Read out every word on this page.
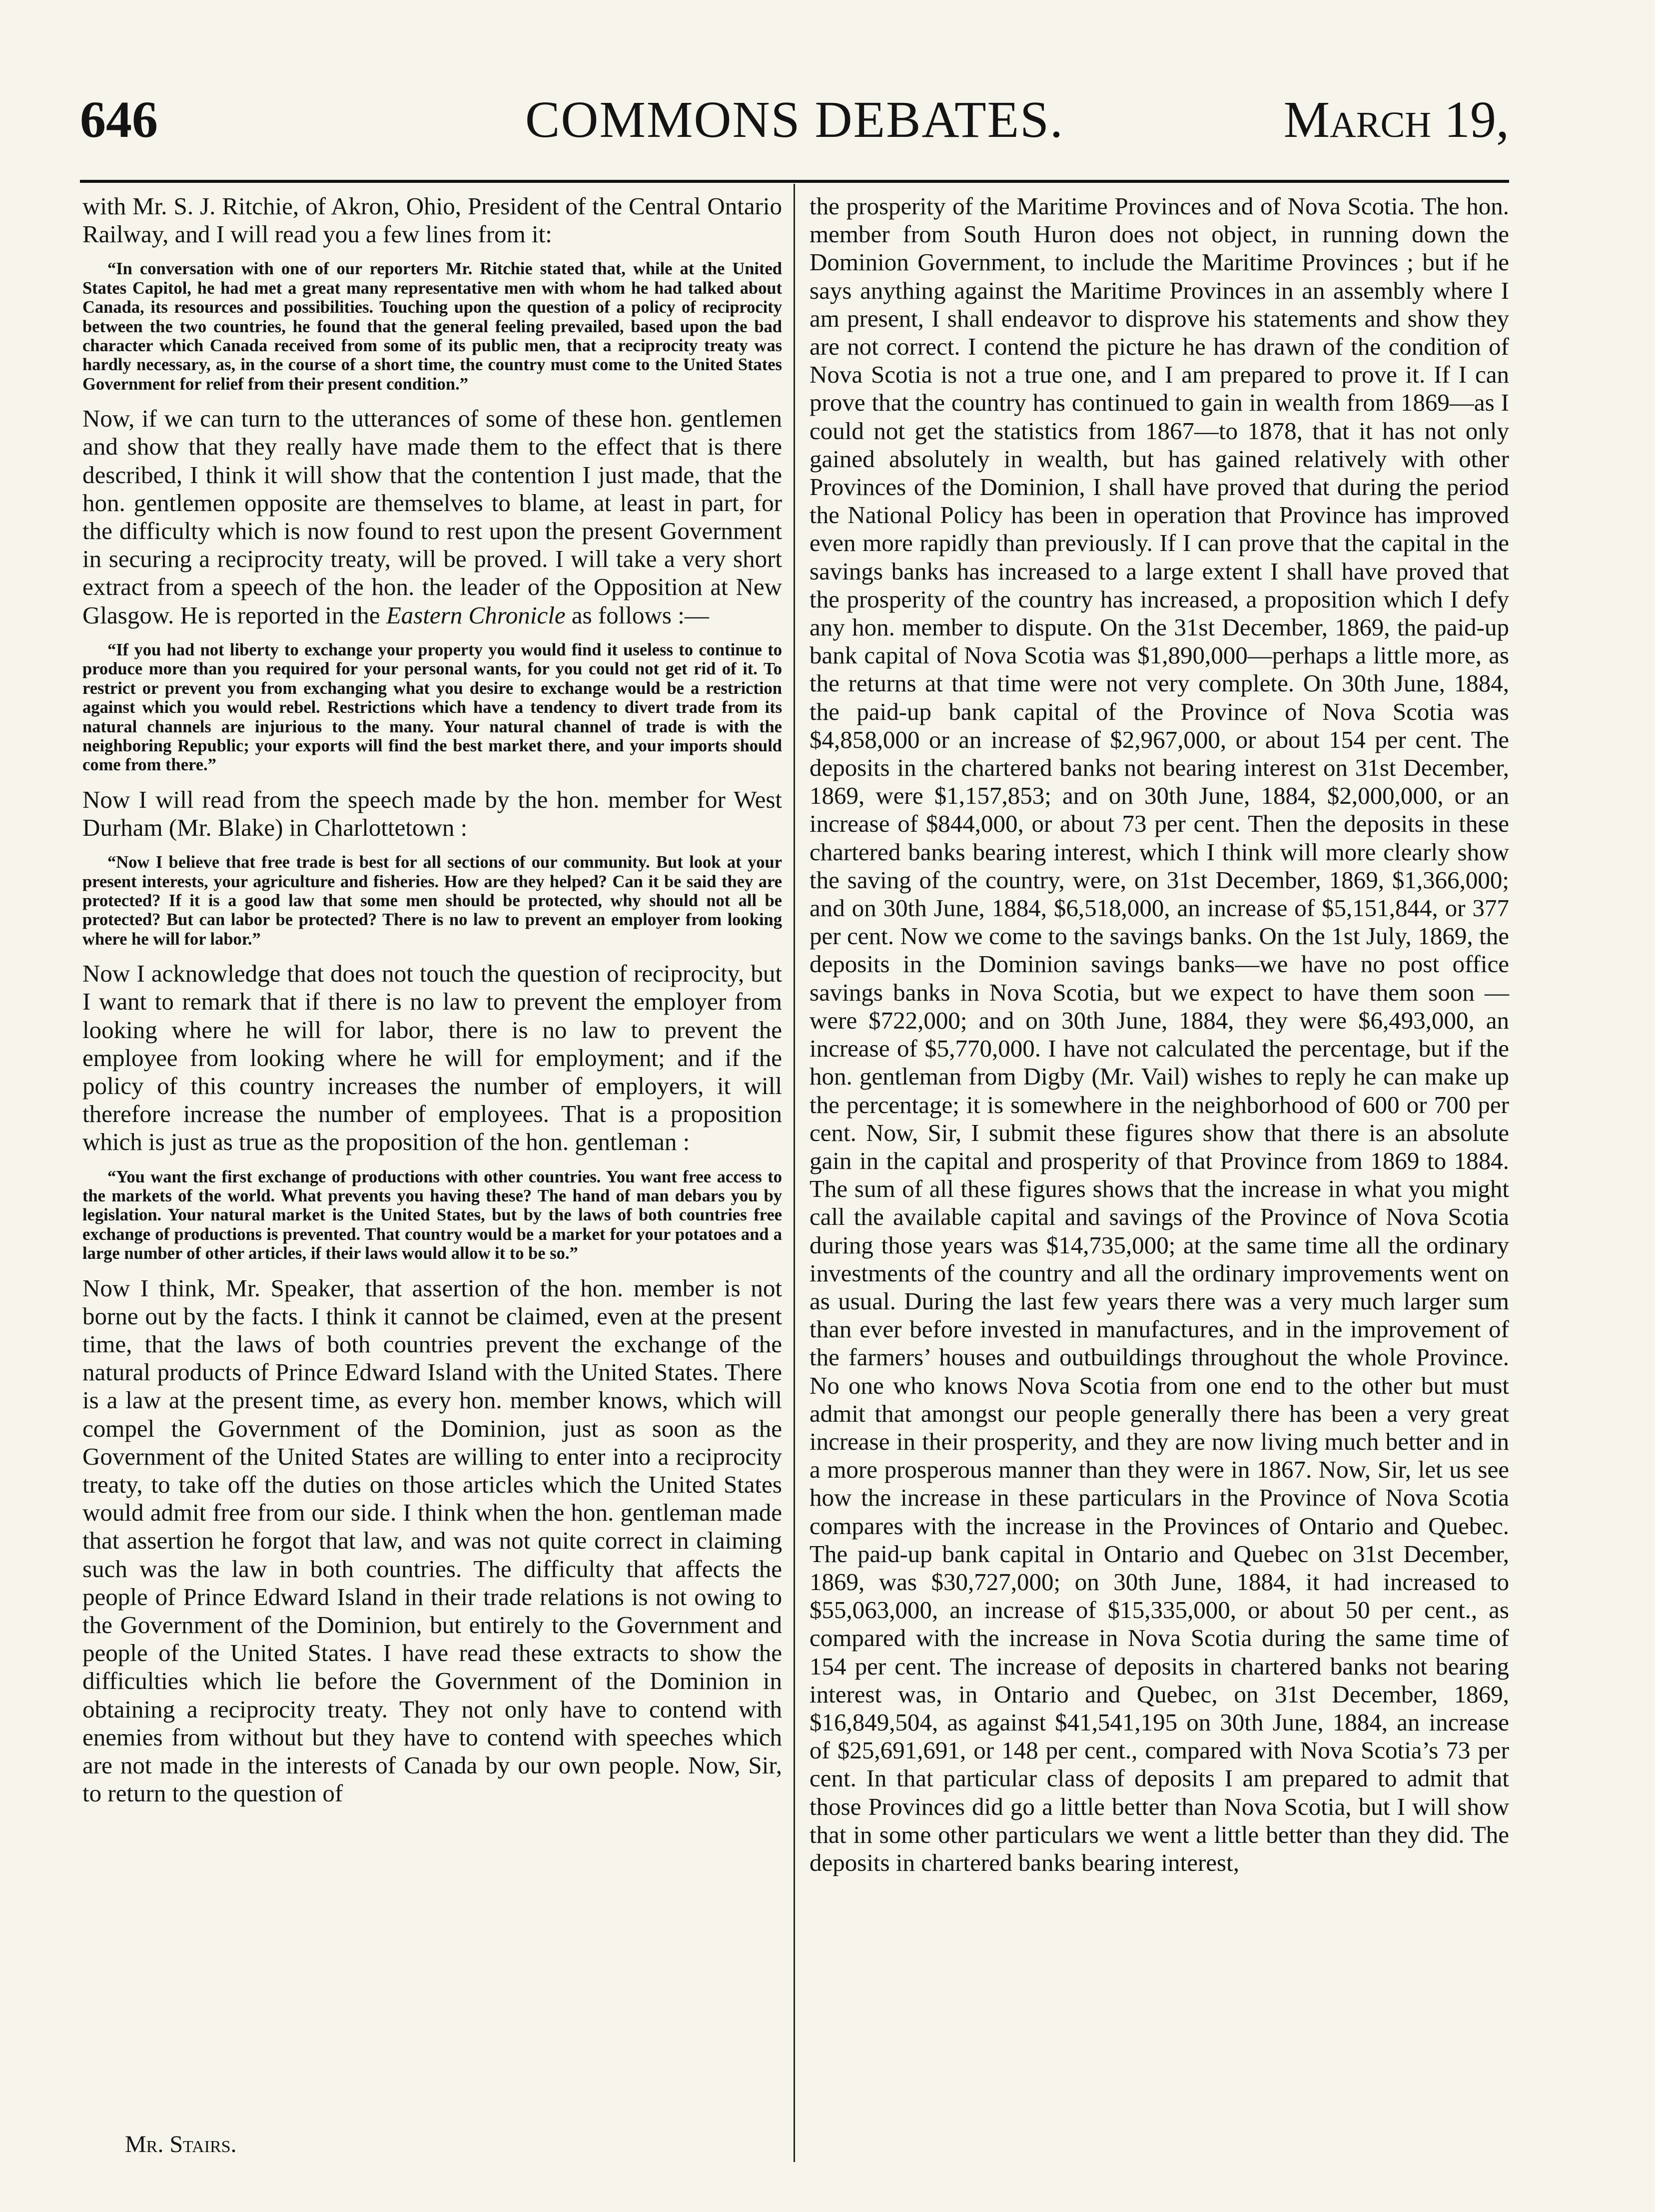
646	COMMONS DEBATES.	March 19,

with Mr. S. J. Ritchie, of Akron, Ohio, President of the Central Ontario Railway, and I will read you a few lines from it:

“In conversation with one of our reporters Mr. Ritchie stated that, while at the United States Capitol, he had met a great many representative men with whom he had talked about Canada, its resources and possibilities. Touching upon the question of a policy of reciprocity between the two countries, he found that the general feeling prevailed, based upon the bad character which Canada received from some of its public men, that a reciprocity treaty was hardly necessary, as, in the course of a short time, the country must come to the United States Government for relief from their present condition.”

Now, if we can turn to the utterances of some of these hon. gentlemen and show that they really have made them to the effect that is there described, I think it will show that the contention I just made, that the hon. gentlemen opposite are themselves to blame, at least in part, for the difficulty which is now found to rest upon the present Government in securing a reciprocity treaty, will be proved. I will take a very short extract from a speech of the hon. the leader of the Opposition at New Glasgow. He is reported in the Eastern Chronicle as follows :—

“If you had not liberty to exchange your property you would find it useless to continue to produce more than you required for your personal wants, for you could not get rid of it. To restrict or prevent you from exchanging what you desire to exchange would be a restriction against which you would rebel. Restrictions which have a tendency to divert trade from its natural channels are injurious to the many. Your natural channel of trade is with the neighboring Republic; your exports will find the best market there, and your imports should come from there.”

Now I will read from the speech made by the hon. member for West Durham (Mr. Blake) in Charlottetown :

“Now I believe that free trade is best for all sections of our community. But look at your present interests, your agriculture and fisheries. How are they helped? Can it be said they are protected? If it is a good law that some men should be protected, why should not all be protected? But can labor be protected? There is no law to prevent an employer from looking where he will for labor.”

Now I acknowledge that does not touch the question of reciprocity, but I want to remark that if there is no law to prevent the employer from looking where he will for labor, there is no law to prevent the employee from looking where he will for employment; and if the policy of this country increases the number of employers, it will therefore increase the number of employees. That is a proposition which is just as true as the proposition of the hon. gentleman :

“You want the first exchange of productions with other countries. You want free access to the markets of the world. What prevents you having these? The hand of man debars you by legislation. Your natural market is the United States, but by the laws of both countries free exchange of productions is prevented. That country would be a market for your potatoes and a large number of other articles, if their laws would allow it to be so.”

Now I think, Mr. Speaker, that assertion of the hon. member is not borne out by the facts. I think it cannot be claimed, even at the present time, that the laws of both countries prevent the exchange of the natural products of Prince Edward Island with the United States. There is a law at the present time, as every hon. member knows, which will compel the Government of the Dominion, just as soon as the Government of the United States are willing to enter into a reciprocity treaty, to take off the duties on those articles which the United States would admit free from our side. I think when the hon. gentleman made that assertion he forgot that law, and was not quite correct in claiming such was the law in both countries. The difficulty that affects the people of Prince Edward Island in their trade relations is not owing to the Government of the Dominion, but entirely to the Government and people of the United States. I have read these extracts to show the difficulties which lie before the Government of the Dominion in obtaining a reciprocity treaty. They not only have to contend with enemies from without but they have to contend with speeches which are not made in the interests of Canada by our own people. Now, Sir, to return to the question of

the prosperity of the Maritime Provinces and of Nova Scotia. The hon. member from South Huron does not object, in running down the Dominion Government, to include the Maritime Provinces ; but if he says anything against the Maritime Provinces in an assembly where I am present, I shall endeavor to disprove his statements and show they are not correct. I contend the picture he has drawn of the condition of Nova Scotia is not a true one, and I am prepared to prove it. If I can prove that the country has continued to gain in wealth from 1869—as I could not get the statistics from 1867—to 1878, that it has not only gained absolutely in wealth, but has gained relatively with other Provinces of the Dominion, I shall have proved that during the period the National Policy has been in operation that Province has improved even more rapidly than previously. If I can prove that the capital in the savings banks has increased to a large extent I shall have proved that the prosperity of the country has increased, a proposition which I defy any hon. member to dispute. On the 31st December, 1869, the paid-up bank capital of Nova Scotia was $1,890,000—perhaps a little more, as the returns at that time were not very complete. On 30th June, 1884, the paid-up bank capital of the Province of Nova Scotia was $4,858,000 or an increase of $2,967,000, or about 154 per cent. The deposits in the chartered banks not bearing interest on 31st December, 1869, were $1,157,853; and on 30th June, 1884, $2,000,000, or an increase of $844,000, or about 73 per cent. Then the deposits in these chartered banks bearing interest, which I think will more clearly show the saving of the country, were, on 31st December, 1869, $1,366,000; and on 30th June, 1884, $6,518,000, an increase of $5,151,844, or 377 per cent. Now we come to the savings banks. On the 1st July, 1869, the deposits in the Dominion savings banks—we have no post office savings banks in Nova Scotia, but we expect to have them soon —were $722,000; and on 30th June, 1884, they were $6,493,000, an increase of $5,770,000. I have not calculated the percentage, but if the hon. gentleman from Digby (Mr. Vail) wishes to reply he can make up the percentage; it is somewhere in the neighborhood of 600 or 700 per cent. Now, Sir, I submit these figures show that there is an absolute gain in the capital and prosperity of that Province from 1869 to 1884. The sum of all these figures shows that the increase in what you might call the available capital and savings of the Province of Nova Scotia during those years was $14,735,000; at the same time all the ordinary investments of the country and all the ordinary improvements went on as usual. During the last few years there was a very much larger sum than ever before invested in manufactures, and in the improvement of the farmers’ houses and outbuildings throughout the whole Province. No one who knows Nova Scotia from one end to the other but must admit that amongst our people generally there has been a very great increase in their prosperity, and they are now living much better and in a more prosperous manner than they were in 1867. Now, Sir, let us see how the increase in these particulars in the Province of Nova Scotia compares with the increase in the Provinces of Ontario and Quebec. The paid-up bank capital in Ontario and Quebec on 31st December, 1869, was $30,727,000; on 30th June, 1884, it had increased to $55,063,000, an increase of $15,335,000, or about 50 per cent., as compared with the increase in Nova Scotia during the same time of 154 per cent. The increase of deposits in chartered banks not bearing interest was, in Ontario and Quebec, on 31st December, 1869, $16,849,504, as against $41,541,195 on 30th June, 1884, an increase of $25,691,691, or 148 per cent., compared with Nova Scotia’s 73 per cent. In that particular class of deposits I am prepared to admit that those Provinces did go a little better than Nova Scotia, but I will show that in some other particulars we went a little better than they did. The deposits in chartered banks bearing interest,

Mr. Stairs.
